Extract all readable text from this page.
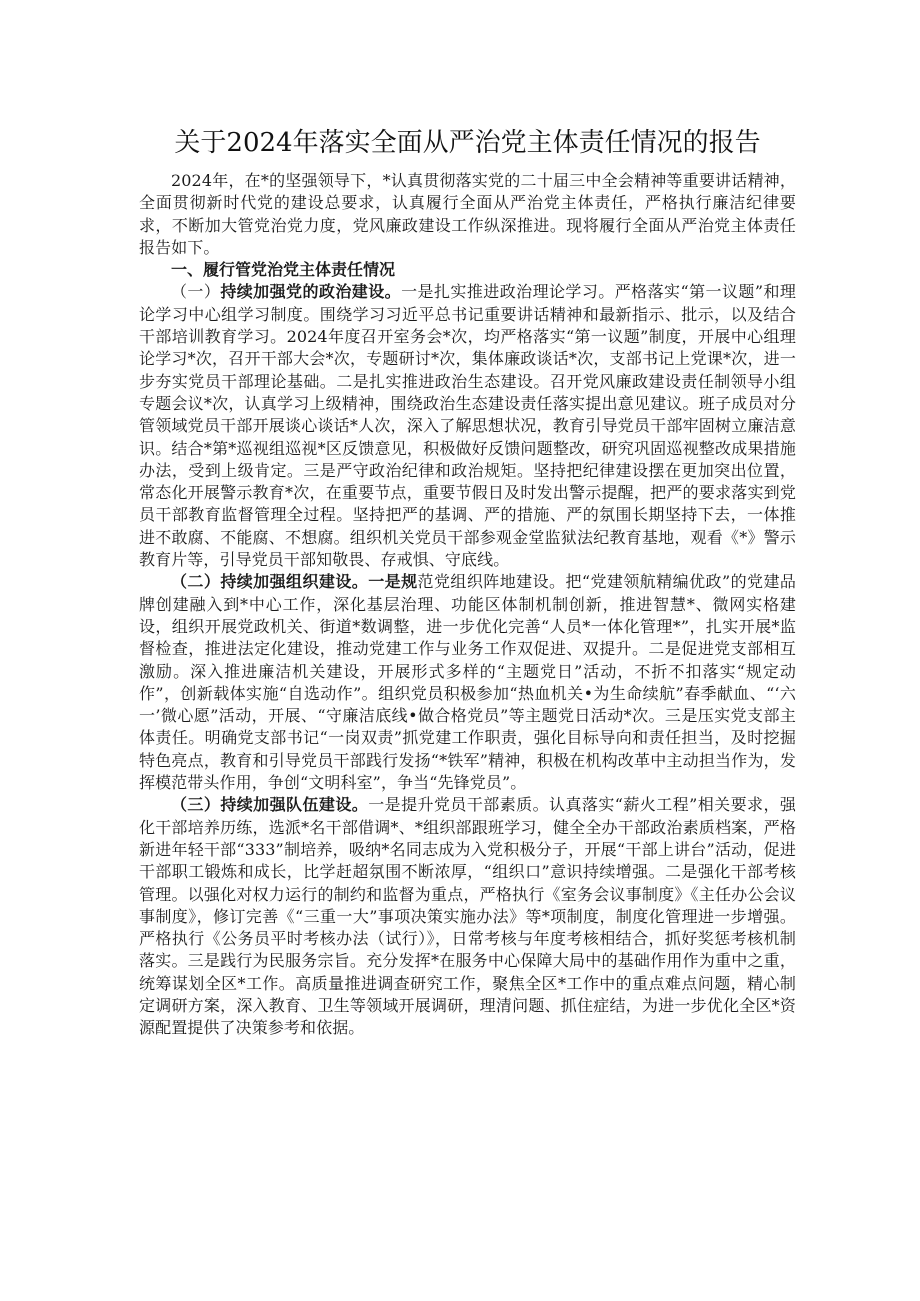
关于2024年落实全面从严治党主体责任情况的报告

2024年，在*的坚强领导下，*认真贯彻落实党的二十届三中全会精神等重要讲话精神，全面贯彻新时代党的建设总要求，认真履行全面从严治党主体责任，严格执行廉洁纪律要求，不断加大管党治党力度，党风廉政建设工作纵深推进。现将履行全面从严治党主体责任报告如下。

一、履行管党治党主体责任情况

（一）持续加强党的政治建设。一是扎实推进政治理论学习。严格落实“第一议题”和理论学习中心组学习制度。围绕学习习近平总书记重要讲话精神和最新指示、批示，以及结合干部培训教育学习。2024年度召开室务会*次，均严格落实“第一议题”制度，开展中心组理论学习*次，召开干部大会*次，专题研讨*次，集体廉政谈话*次，支部书记上党课*次，进一步夯实党员干部理论基础。二是扎实推进政治生态建设。召开党风廉政建设责任制领导小组专题会议*次，认真学习上级精神，围绕政治生态建设责任落实提出意见建议。班子成员对分管领域党员干部开展谈心谈话*人次，深入了解思想状况，教育引导党员干部牢固树立廉洁意识。结合*第*巡视组巡视*区反馈意见，积极做好反馈问题整改，研究巩固巡视整改成果措施办法，受到上级肯定。三是严守政治纪律和政治规矩。坚持把纪律建设摆在更加突出位置，常态化开展警示教育*次，在重要节点，重要节假日及时发出警示提醒，把严的要求落实到党员干部教育监督管理全过程。坚持把严的基调、严的措施、严的氛围长期坚持下去，一体推进不敢腐、不能腐、不想腐。组织机关党员干部参观金堂监狱法纪教育基地，观看《*》警示教育片等，引导党员干部知敬畏、存戒惧、守底线。

（二）持续加强组织建设。一是规范党组织阵地建设。把“党建领航精编优政”的党建品牌创建融入到*中心工作，深化基层治理、功能区体制机制创新，推进智慧*、微网实格建设，组织开展党政机关、街道*数调整，进一步优化完善“人员*一体化管理*”，扎实开展*监督检查，推进法定化建设，推动党建工作与业务工作双促进、双提升。二是促进党支部相互激励。深入推进廉洁机关建设，开展形式多样的“主题党日”活动，不折不扣落实“规定动作”，创新载体实施“自选动作”。组织党员积极参加“热血机关•为生命续航”春季献血、“‘六一’微心愿”活动，开展、“守廉洁底线•做合格党员”等主题党日活动*次。三是压实党支部主体责任。明确党支部书记“一岗双责”抓党建工作职责，强化目标导向和责任担当，及时挖掘特色亮点，教育和引导党员干部践行发扬“*铁军”精神，积极在机构改革中主动担当作为，发挥模范带头作用，争创“文明科室”，争当“先锋党员”。

（三）持续加强队伍建设。一是提升党员干部素质。认真落实“薪火工程”相关要求，强化干部培养历练，选派*名干部借调*、*组织部跟班学习，健全全办干部政治素质档案，严格新进年轻干部“333”制培养，吸纳*名同志成为入党积极分子，开展“干部上讲台”活动，促进干部职工锻炼和成长，比学赶超氛围不断浓厚，“组织口”意识持续增强。二是强化干部考核管理。以强化对权力运行的制约和监督为重点，严格执行《室务会议事制度》《主任办公会议事制度》，修订完善《“三重一大”事项决策实施办法》等*项制度，制度化管理进一步增强。严格执行《公务员平时考核办法（试行）》，日常考核与年度考核相结合，抓好奖惩考核机制落实。三是践行为民服务宗旨。充分发挥*在服务中心保障大局中的基础作用作为重中之重，统筹谋划全区*工作。高质量推进调查研究工作，聚焦全区*工作中的重点难点问题，精心制定调研方案，深入教育、卫生等领域开展调研，理清问题、抓住症结，为进一步优化全区*资源配置提供了决策参考和依据。
